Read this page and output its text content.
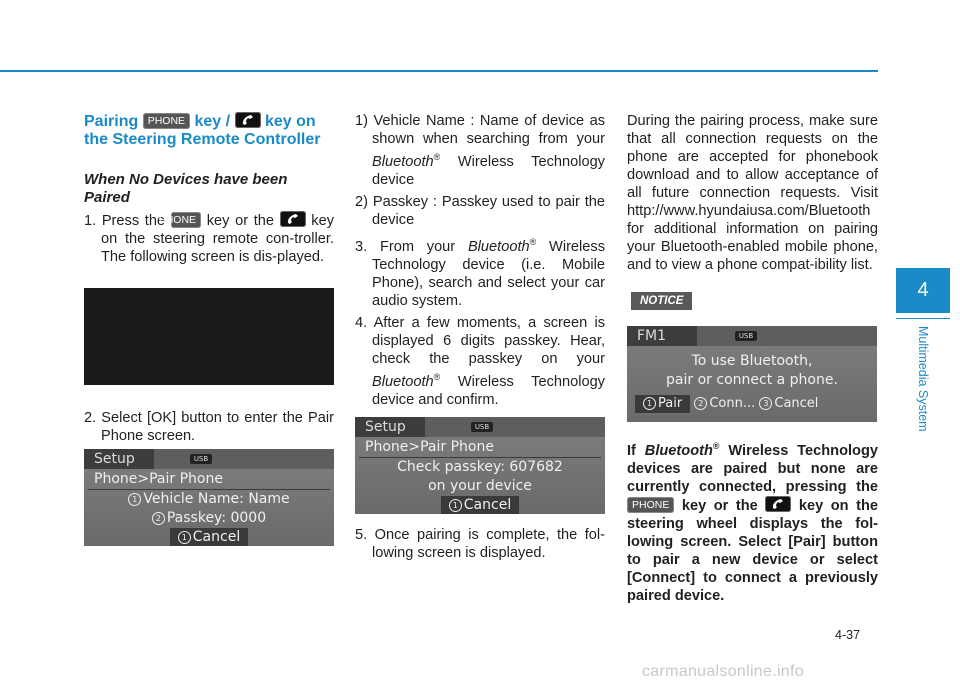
Pairing PHONE key / key on the Steering Remote Controller

When No Devices have been Paired

1. Press the PHONE key or the	key on the steering remote con-troller. The following screen is dis-played.

2. Select [OK] button to enter the Pair Phone screen.

Setup	USB
Phone>Pair Phone
1 Vehicle Name: Name
2 Passkey: 0000
1 Cancel

1) Vehicle Name : Name of device as shown when searching from your Bluetooth® Wireless Technology device

2) Passkey : Passkey used to pair the device

3. From your Bluetooth® Wireless Technology device (i.e. Mobile Phone), search and select your car audio system.

4. After a few moments, a screen is displayed 6 digits passkey. Hear, check the passkey on your Bluetooth® Wireless Technology device and confirm.

Setup	USB
Phone>Pair Phone
Check passkey: 607682
on your device
1 Cancel

5. Once pairing is complete, the fol-lowing screen is displayed.

During the pairing process, make sure that all connection requests on the phone are accepted for phonebook download and to allow acceptance of all future connection requests. Visit http://www.hyundaiusa.com/Bluetooth for additional information on pairing your Bluetooth-enabled mobile phone, and to view a phone compat-ibility list.

NOTICE
FM1	USB
To use Bluetooth,
pair or connect a phone.
1 Pair 2 Conn... 3 Cancel

If Bluetooth® Wireless Technology devices are paired but none are currently connected, pressing the PHONE key or the	key on the steering wheel displays the fol-lowing screen. Select [Pair] button to pair a new device or select [Connect] to connect a previously paired device.

4
Multimedia System
4-37
carmanualsonline.info
